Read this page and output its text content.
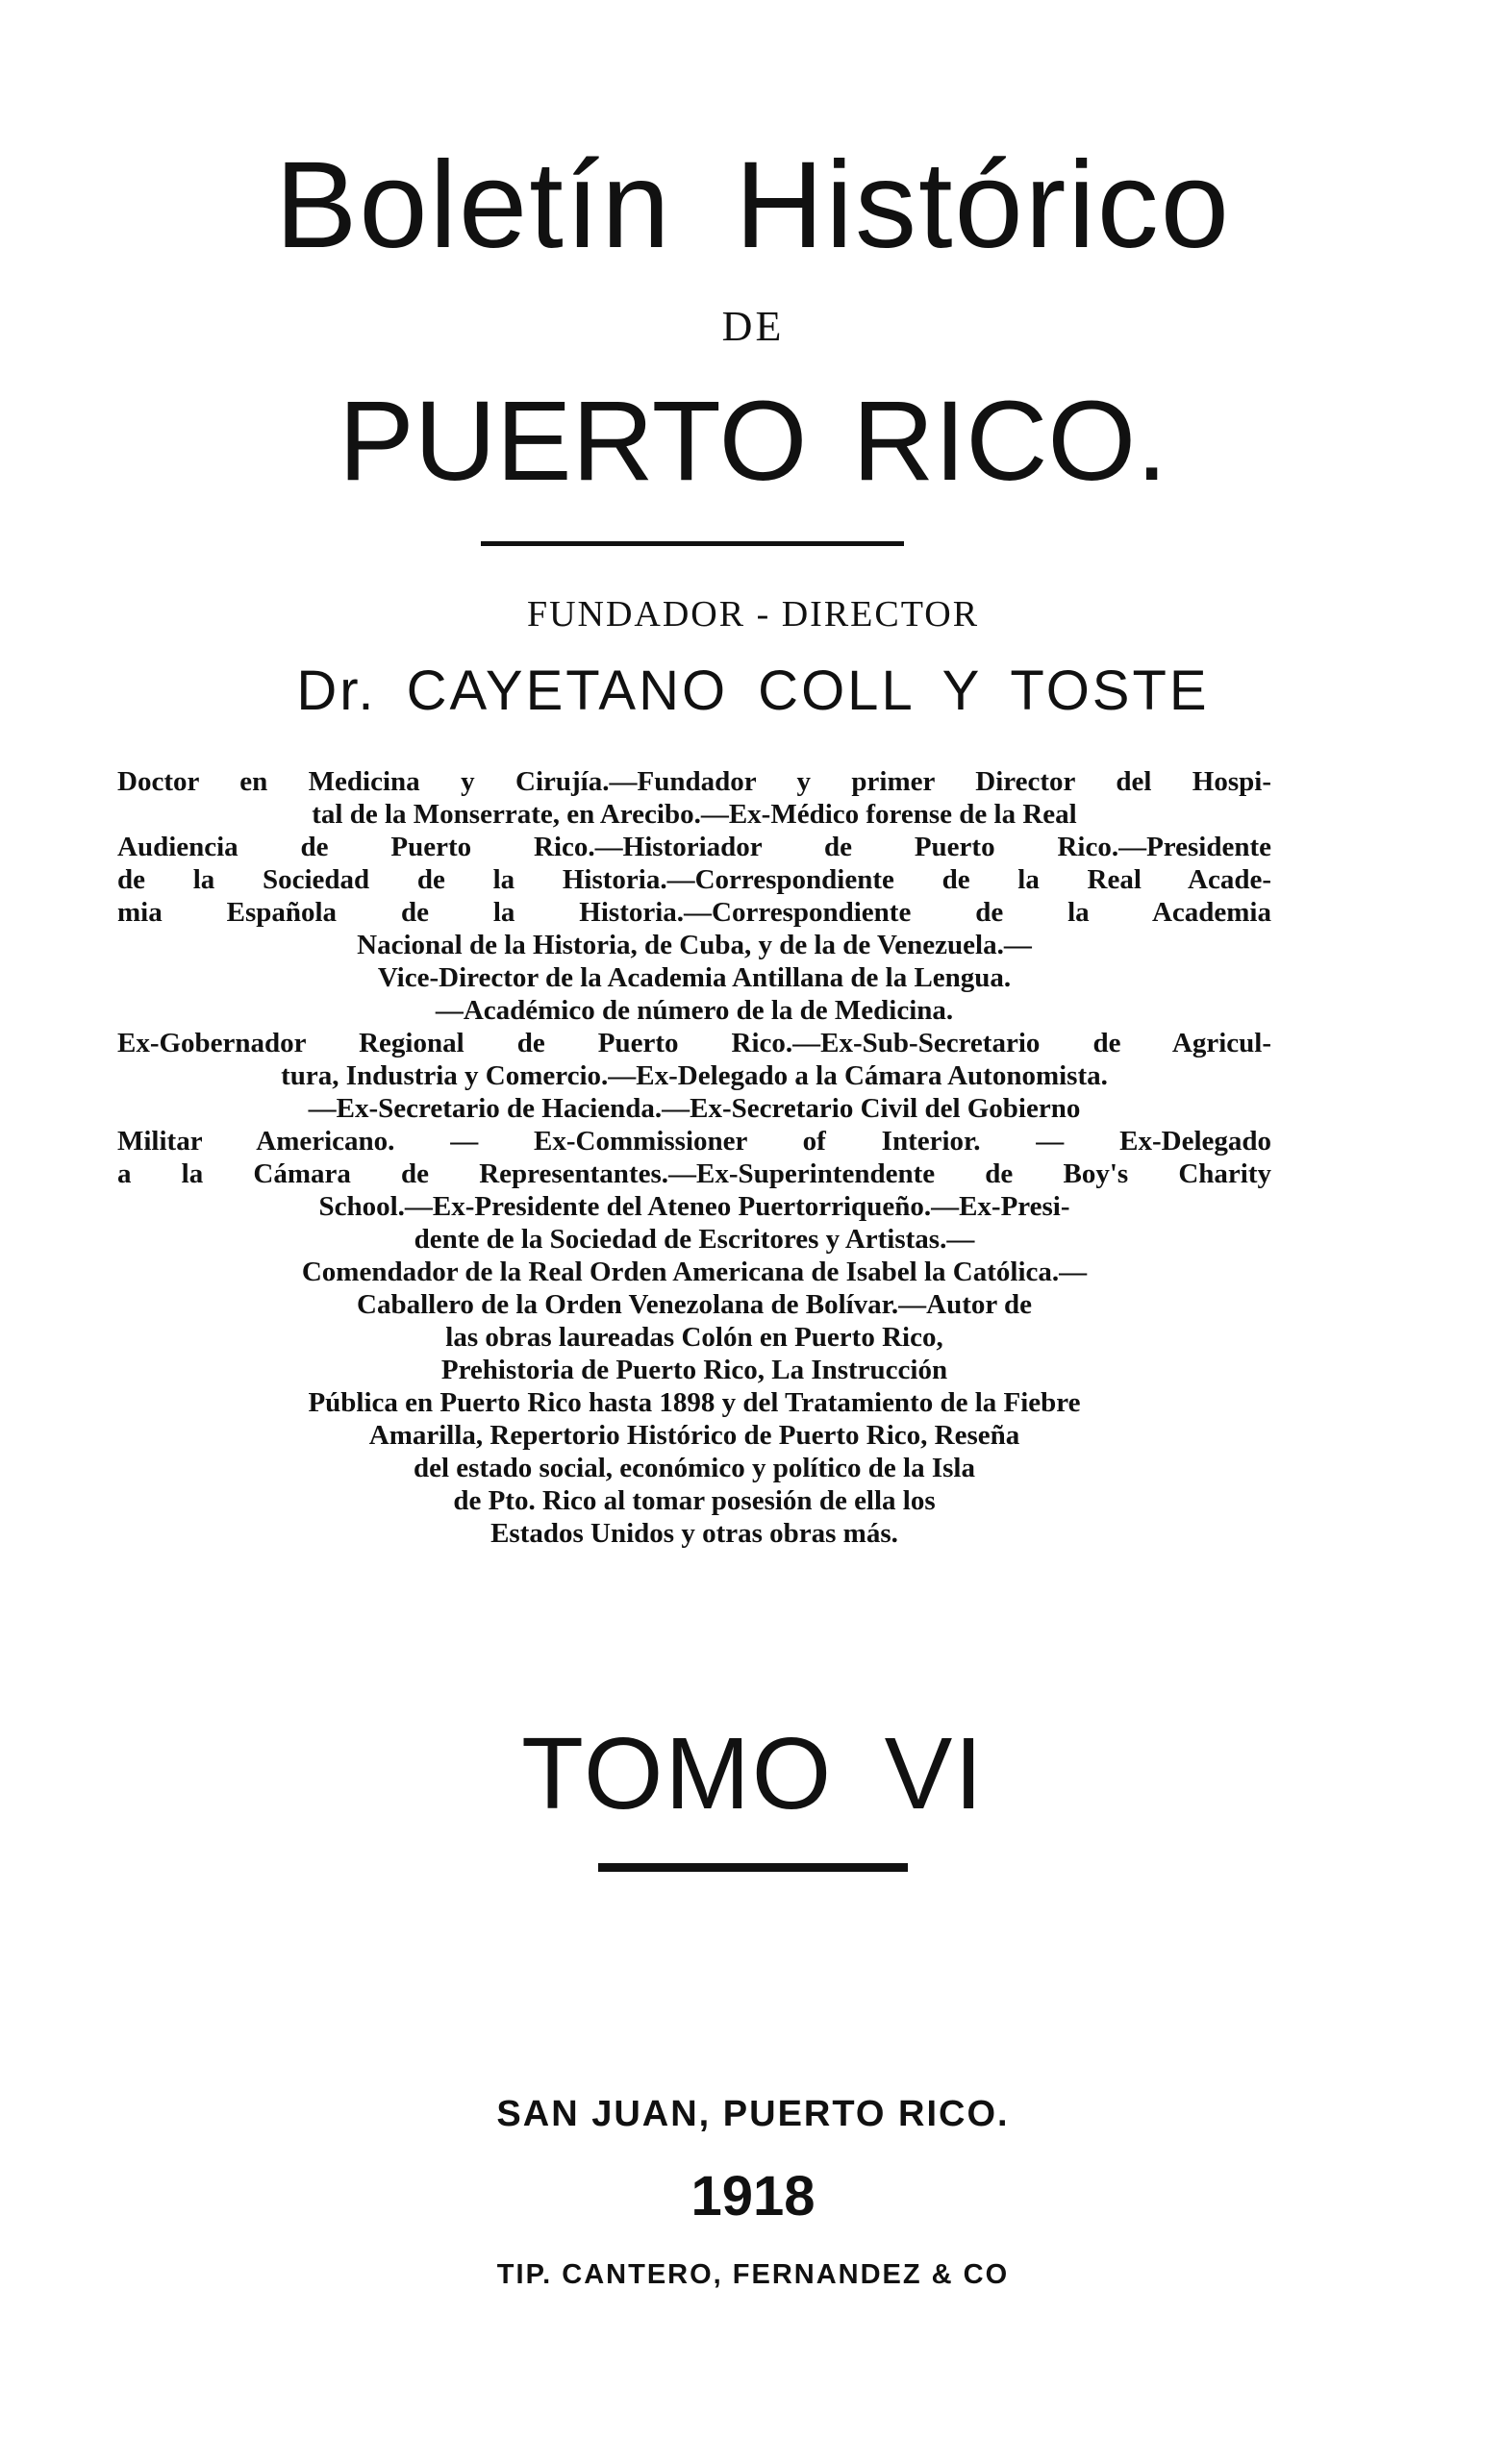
Boletín Histórico
DE
PUERTO RICO.
FUNDADOR - DIRECTOR
Dr. CAYETANO COLL Y TOSTE
Doctor en Medicina y Cirujía.—Fundador y primer Director del Hospi-
tal de la Monserrate, en Arecibo.—Ex-Médico forense de la Real
Audiencia de Puerto Rico.—Historiador de Puerto Rico.—Presidente
de la Sociedad de la Historia.—Correspondiente de la Real Acade-
mia Española de la Historia.—Correspondiente de la Academia
Nacional de la Historia, de Cuba, y de la de Venezuela.—
Vice-Director de la Academia Antillana de la Lengua.
—Académico de número de la de Medicina.
Ex-Gobernador Regional de Puerto Rico.—Ex-Sub-Secretario de Agricul-
tura, Industria y Comercio.—Ex-Delegado a la Cámara Autonomista.
—Ex-Secretario de Hacienda.—Ex-Secretario Civil del Gobierno
Militar Americano. — Ex-Commissioner of Interior. — Ex-Delegado
a la Cámara de Representantes.—Ex-Superintendente de Boy's Charity
School.—Ex-Presidente del Ateneo Puertorriqueño.—Ex-Presi-
dente de la Sociedad de Escritores y Artistas.—
Comendador de la Real Orden Americana de Isabel la Católica.—
Caballero de la Orden Venezolana de Bolívar.—Autor de
las obras laureadas Colón en Puerto Rico,
Prehistoria de Puerto Rico, La Instrucción
Pública en Puerto Rico hasta 1898 y del Tratamiento de la Fiebre
Amarilla, Repertorio Histórico de Puerto Rico, Reseña
del estado social, económico y político de la Isla
de Pto. Rico al tomar posesión de ella los
Estados Unidos y otras obras más.
TOMO VI
SAN JUAN, PUERTO RICO.
1918
TIP. CANTERO, FERNANDEZ & CO
